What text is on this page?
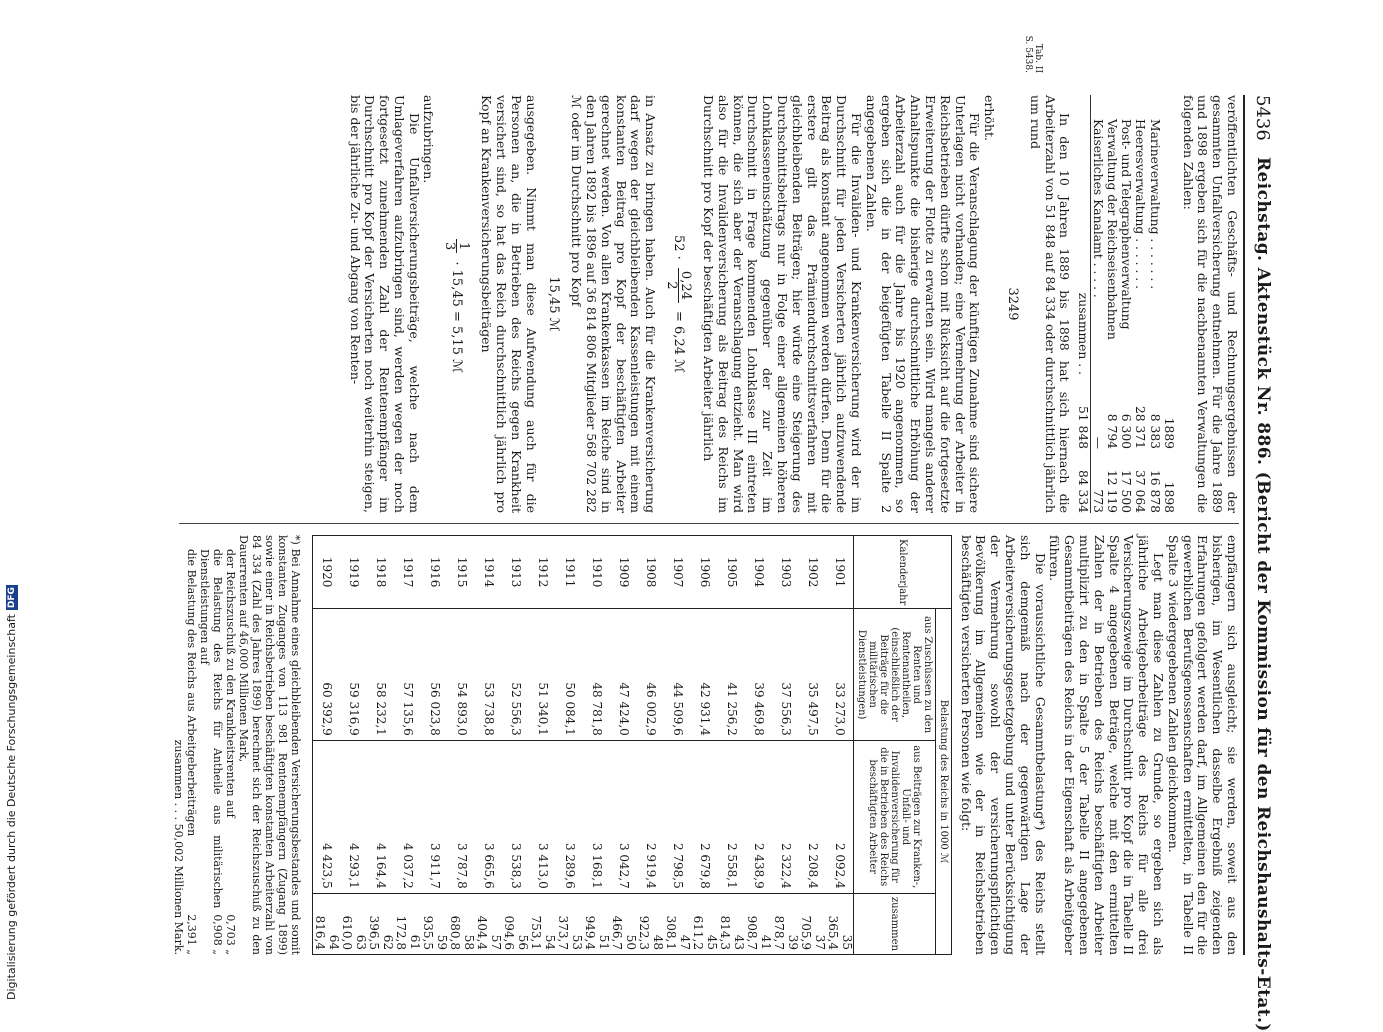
Digitalisierung gefördert durch die Deutsche Forschungsgemeinschaft
DFG
5436
Reichstag. Aktenstück Nr. 886. (Bericht der Kommission für den Reichshaushalts-Etat.)
Tab. II S. 5438.

veröffentlichten Geschäfts- und Rechnungsergebnissen der gesammten Unfallversicherung entnehmen. Für die Jahre 1889 und 1898 ergeben sich für die nachbenannten Verwaltungen die folgenden Zahlen:

	1889	1898
Marineverwaltung . . . . . . .	8 383	16 878
Heeresverwaltung . . . . . . .	28 371	37 064
Post- und Telegraphenverwaltung	6 300	17 500
Verwaltung der Reichseisenbahnen	8 794	12 119
Kaiserliches Kanalamt . . . . .	—	773
zusammen . .	51 848	84 334

In den 10 Jahren 1889 bis 1898 hat sich hiernach die Arbeiterzahl von 51 848 auf 84 334 oder durchschnittlich jährlich um rund

3249

erhöht.

Für die Veranschlagung der künftigen Zunahme sind sichere Unterlagen nicht vorhanden; eine Vermehrung der Arbeiter in Reichsbetrieben dürfte schon mit Rücksicht auf die fortgesetzte Erweiterung der Flotte zu erwarten sein. Wird mangels anderer Anhaltspunkte die bisherige durchschnittliche Erhöhung der Arbeiterzahl auch für die Jahre bis 1920 angenommen, so ergeben sich die in der beigefügten Tabelle II Spalte 2 angegebenen Zahlen.

Für die Invaliden- und Krankenversicherung wird der im Durchschnitt für jeden Versicherten jährlich aufzuwendende Beitrag als konstant angenommen werden dürfen. Denn für die erstere gilt das Prämiendurchschnittsverfahren mit gleichbleibenden Beiträgen; hier würde eine Steigerung des Durchschnittsbeitrags nur in Folge einer allgemeinen höheren Lohnklasseneinschätzung gegenüber der zur Zeit im Durchschnitt in Frage kommenden Lohnklasse III eintreten können, die sich aber der Veranschlagung entzieht. Man wird also für die Invalidenversicherung als Beitrag des Reichs im Durchschnitt pro Kopf der beschäftigten Arbeiter jährlich

52 ·
0,24
2
= 6,24 ℳ

in Ansatz zu bringen haben. Auch für die Krankenversicherung darf wegen der gleichbleibenden Kassenleistungen mit einem konstanten Beitrag pro Kopf der beschäftigten Arbeiter gerechnet werden. Von allen Krankenkassen im Reiche sind in den Jahren 1892 bis 1896 auf 36 814 806 Mitglieder 568 702 282 ℳ oder im Durchschnitt pro Kopf

15,45 ℳ

ausgegeben. Nimmt man diese Aufwendung auch für die Personen an, die in Betrieben des Reichs gegen Krankheit versichert sind, so hat das Reich durchschnittlich jährlich pro Kopf an Krankenversicherungsbeiträgen

1
3
· 15,45 = 5,15 ℳ

aufzubringen.

Die Unfallversicherungsbeiträge, welche nach dem Umlageverfahren aufzubringen sind, werden wegen der noch fortgesetzt zunehmenden Zahl der Rentenempfänger im Durchschnitt pro Kopf der Versicherten noch weiterhin steigen, bis der jährliche Zu- und Abgang von Renten-

empfängern sich ausgleicht; sie werden, soweit aus den bisherigen, im Wesentlichen dasselbe Ergebniß zeigenden Erfahrungen gefolgert werden darf, im Allgemeinen den für die gewerblichen Berufsgenossenschaften ermittelten, in Tabelle II Spalte 3 wiedergegebenen Zahlen gleichkommen.

Legt man diese Zahlen zu Grunde, so ergeben sich als jährliche Arbeitgeberbeiträge des Reichs für alle drei Versicherungszweige im Durchschnitt pro Kopf die in Tabelle II Spalte 4 angegebenen Beträge, welche mit den ermittelten Zahlen der in Betrieben des Reichs beschäftigten Arbeiter multiplizirt zu den in Spalte 5 der Tabelle II angegebenen Gesammtbeiträgen des Reichs in der Eigenschaft als Arbeitgeber führen.

Die voraussichtliche Gesammtbelastung*) des Reichs stellt sich demgemäß nach der gegenwärtigen Lage der Arbeiterversicherungsgesetzgebung und unter Berücksichtigung der Vermehrung sowohl der versicherungspflichtigen Bevölkerung im Allgemeinen wie der in Reichsbetrieben beschäftigten versicherten Personen wie folgt:

Kalenderjahr	Belastung des Reichs in 1000 ℳ		
	aus Zuschüssen zu den Renten und Rentenantheilen, (einschließlich der Beiträge für die militärischen Dienstleistungen)	aus Beiträgen zur Kranken-, Unfall- und Invalidenversicherung für die in Betrieben des Reichs beschäftigten Arbeiter	zusammen
1901	33 273,0	2 092,4	35 365,4
1902	35 497,5	2 208,4	37 705,9
1903	37 556,3	2 322,4	39 878,7
1904	39 469,8	2 438,9	41 908,7
1905	41 256,2	2 558,1	43 814,3
1906	42 931,4	2 679,8	45 611,2
1907	44 509,6	2 798,5	47 308,1
1908	46 002,9	2 919,4	48 922,3
1909	47 424,0	3 042,7	50 466,7
1910	48 781,8	3 168,1	51 949,4
1911	50 084,1	3 289,6	53 373,7
1912	51 340,1	3 413,0	54 753,1
1913	52 556,3	3 538,3	56 094,6
1914	53 738,8	3 665,6	57 404,4
1915	54 893,0	3 787,8	58 680,8
1916	56 023,8	3 911,7	59 935,5
1917	57 135,6	4 037,2	61 172,8
1918	58 232,1	4 164,4	62 396,5
1919	59 316,9	4 293,1	63 610,0
1920	60 392,9	4 423,5	64 816,4

*) Bei Annahme eines gleichbleibenden Versicherungsbestandes und somit konstanten Zuganges von 113 981 Rentenempfängern (Zugang 1899) sowie einer in Reichsbetrieben beschäftigten konstanten Arbeiterzahl von 84 334 (Zahl des Jahres 1899) berechnet sich der Reichszuschuß zu den Dauerrenten auf 46,000 Millionen Mark,

der Reichszuschuß zu den Krankheitsrenten auf
0,703 „
die Belastung des Reichs für Antheile aus militärischen Dienstleistungen auf
0,908 „
die Belastung des Reichs aus Arbeitgeberbeiträgen
2,391 „

zusammen . . . 50,002 Millionen Mark.
